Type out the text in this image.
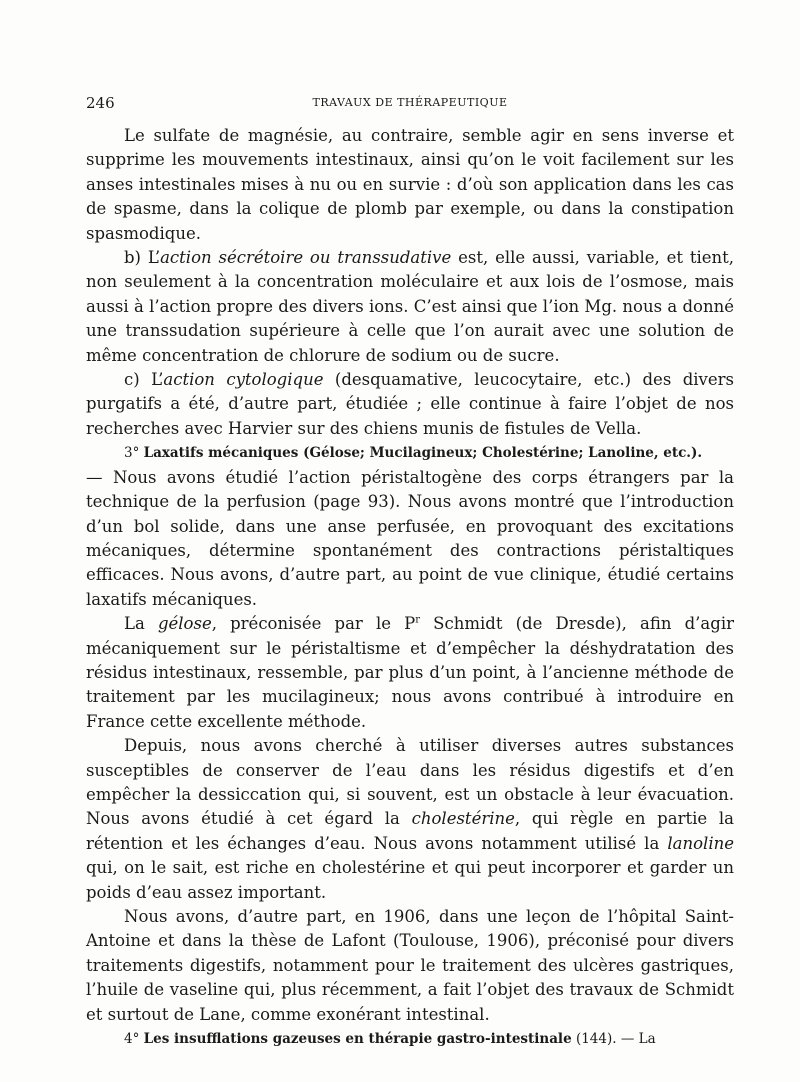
246	TRAVAUX DE THÉRAPEUTIQUE

Le sulfate de magnésie, au contraire, semble agir en sens inverse et supprime les mouvements intestinaux, ainsi qu’on le voit facilement sur les anses intestinales mises à nu ou en survie : d’où son application dans les cas de spasme, dans la colique de plomb par exemple, ou dans la constipation spasmodique.

b) L’action sécrétoire ou transsudative est, elle aussi, variable, et tient, non seulement à la concentration moléculaire et aux lois de l’osmose, mais aussi à l’action propre des divers ions. C’est ainsi que l’ion Mg. nous a donné une transsudation supérieure à celle que l’on aurait avec une solution de même concentration de chlorure de sodium ou de sucre.

c) L’action cytologique (desquamative, leucocytaire, etc.) des divers purgatifs a été, d’autre part, étudiée ; elle continue à faire l’objet de nos recherches avec Harvier sur des chiens munis de fistules de Vella.

3° Laxatifs mécaniques (Gélose; Mucilagineux; Cholestérine; Lanoline, etc.).

— Nous avons étudié l’action péristaltogène des corps étrangers par la technique de la perfusion (page 93). Nous avons montré que l’introduction d’un bol solide, dans une anse perfusée, en provoquant des excitations mécaniques, détermine spontanément des contractions péristaltiques efficaces. Nous avons, d’autre part, au point de vue clinique, étudié certains laxatifs mécaniques.

La gélose, préconisée par le $P^r$ Schmidt (de Dresde), afin d’agir mécaniquement sur le péristaltisme et d’empêcher la déshydratation des résidus intestinaux, ressemble, par plus d’un point, à l’ancienne méthode de traitement par les mucilagineux; nous avons contribué à introduire en France cette excellente méthode.

Depuis, nous avons cherché à utiliser diverses autres substances susceptibles de conserver de l’eau dans les résidus digestifs et d’en empêcher la dessiccation qui, si souvent, est un obstacle à leur évacuation. Nous avons étudié à cet égard la cholestérine, qui règle en partie la rétention et les échanges d’eau. Nous avons notamment utilisé la lanoline qui, on le sait, est riche en cholestérine et qui peut incorporer et garder un poids d’eau assez important.

Nous avons, d’autre part, en 1906, dans une leçon de l’hôpital Saint-Antoine et dans la thèse de Lafont (Toulouse, 1906), préconisé pour divers traitements digestifs, notamment pour le traitement des ulcères gastriques, l’huile de vaseline qui, plus récemment, a fait l’objet des travaux de Schmidt et surtout de Lane, comme exonérant intestinal.

4° Les insufflations gazeuses en thérapie gastro-intestinale (144). — La
